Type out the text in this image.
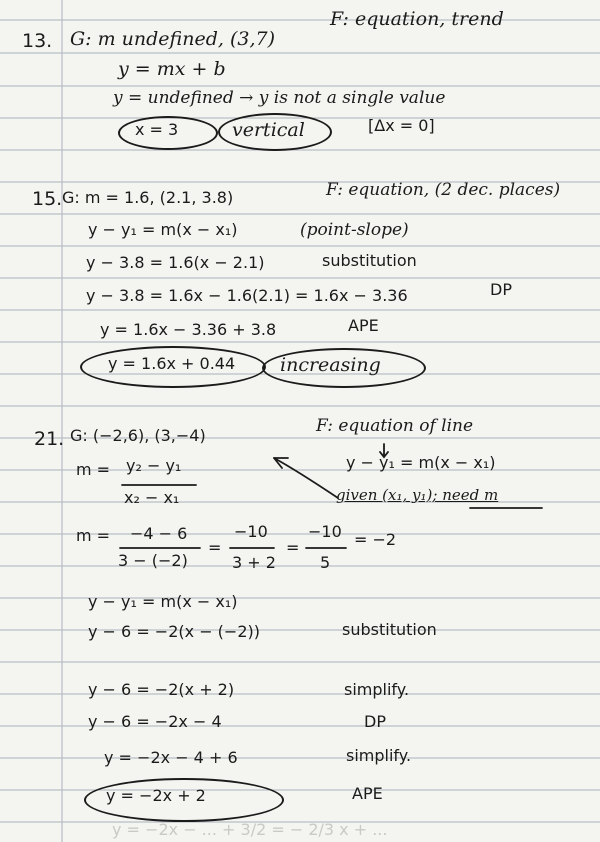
13. G: m undefined, (3,7)
F: equation, trend
y = mx + b
y = undefined → y is not a single value
x = 3	vertical	[Δx = 0]
15. G: m = 1.6, (2.1, 3.8)	F: equation, (2 dec. places)
y − y₁ = m(x − x₁)	(point-slope)
y − 3.8 = 1.6(x − 2.1)	substitution
y − 3.8 = 1.6x − 1.6(2.1) = 1.6x − 3.36	DP
y = 1.6x − 3.36 + 3.8	APE
y = 1.6x + 0.44 increasing
21. G: (−2,6), (3,−4)	F: equation of line
y − y₁ = m(x − x₁)
given (x₁, y₁); need m
m = y₂ − y₁
x₂ − x₁
m = −4 − 6
3 − (−2)
=
−10
3 + 2
=
−10
5
= −2
y − y₁ = m(x − x₁)
y − 6 = −2(x − (−2))	substitution
y − 6 = −2(x + 2)	simplify.
y − 6 = −2x − 4	DP
y = −2x − 4 + 6	simplify.
y = −2x + 2	APE
y = −2x − ... + 3/2 = − 2/3 x + ...
